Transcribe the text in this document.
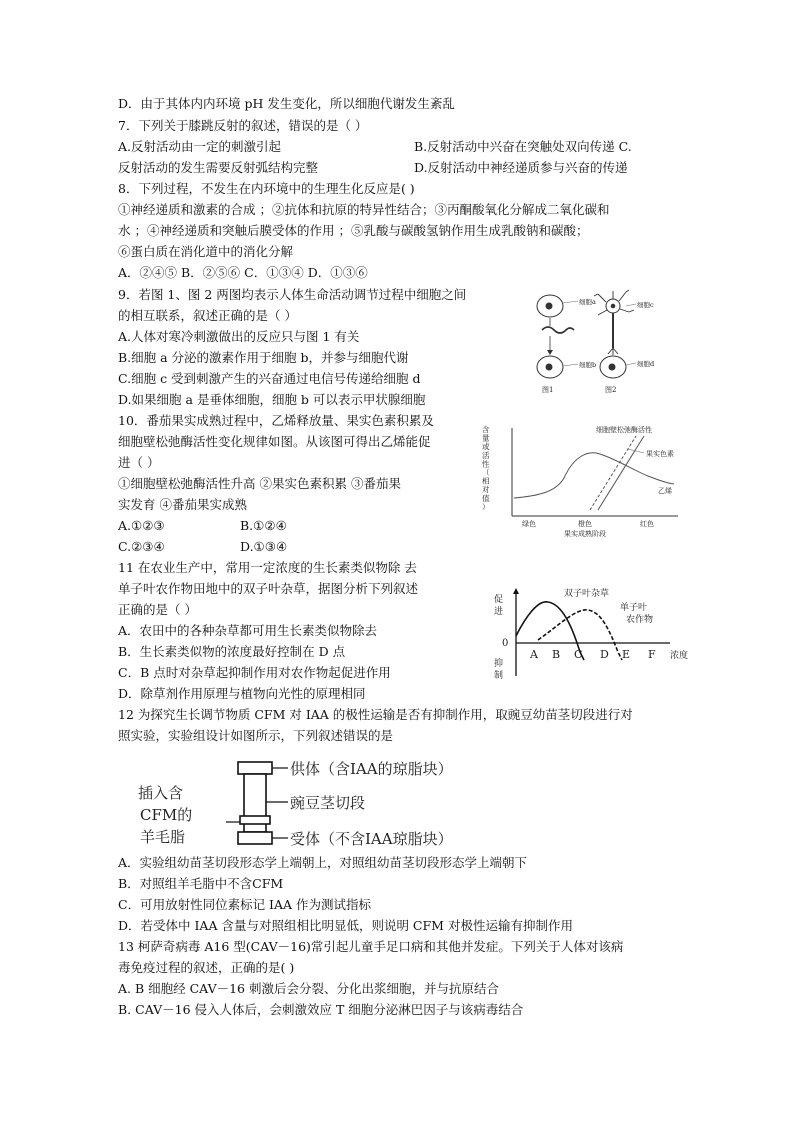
D．由于其体内内环境 pH 发生变化，所以细胞代谢发生紊乱
7．下列关于膝跳反射的叙述，错误的是（ ）
A.反射活动由一定的刺激引起	B.反射活动中兴奋在突触处双向传递 C.
反射活动的发生需要反射弧结构完整	D.反射活动中神经递质参与兴奋的传递
8．下列过程，不发生在内环境中的生理生化反应是( )
①神经递质和激素的合成 ；②抗体和抗原的特异性结合；③丙酮酸氧化分解成二氧化碳和
水 ；④神经递质和突触后膜受体的作用 ；⑤乳酸与碳酸氢钠作用生成乳酸钠和碳酸；
⑥蛋白质在消化道中的消化分解
A．②④⑤ B．②⑤⑥ C．①③④ D．①③⑥
9．若图 1、图 2 两图均表示人体生命活动调节过程中细胞之间
的相互联系，叙述正确的是（ ）
A.人体对寒冷刺激做出的反应只与图 1 有关
B.细胞 a 分泌的激素作用于细胞 b，并参与细胞代谢
C.细胞 c 受到刺激产生的兴奋通过电信号传递给细胞 d
D.如果细胞 a 是垂体细胞，细胞 b 可以表示甲状腺细胞
10．番茄果实成熟过程中，乙烯释放量、果实色素积累及
细胞壁松弛酶活性变化规律如图。从该图可得出乙烯能促
进（ ）
①细胞壁松弛酶活性升高 ②果实色素积累 ③番茄果
实发育 ④番茄果实成熟
A.①②③	B.①②④
C.②③④	D.①③④
11 在农业生产中，常用一定浓度的生长素类似物除 去
单子叶农作物田地中的双子叶杂草，据图分析下列叙述
正确的是（ ）
A．农田中的各种杂草都可用生长素类似物除去
B．生长素类似物的浓度最好控制在 D 点
C．B 点时对杂草起抑制作用对农作物起促进作用
D．除草剂作用原理与植物向光性的原理相同
12 为探究生长调节物质 CFM 对 IAA 的极性运输是否有抑制作用，取豌豆幼苗茎切段进行对
照实验，实验组设计如图所示，下列叙述错误的是
A．实验组幼苗茎切段形态学上端朝上，对照组幼苗茎切段形态学上端朝下
B．对照组羊毛脂中不含CFM
C．可用放射性同位素标记 IAA 作为测试指标
D．若受体中 IAA 含量与对照组相比明显低，则说明 CFM 对极性运输有抑制作用
13 柯萨奇病毒 A16 型(CAV－16)常引起儿童手足口病和其他并发症。下列关于人体对该病
毒免疫过程的叙述，正确的是( )
A. B 细胞经 CAV－16 刺激后会分裂、分化出浆细胞，并与抗原结合
B. CAV－16 侵入人体后，会刺激效应 T 细胞分泌淋巴因子与该病毒结合
细胞a
细胞b
图1
细胞c
细胞d
图2
含
量
或
活
性
（
相
对
值
）
细胞壁松弛酶活性
果实色素
乙烯
绿色	橙色	红色
果实成熟阶段
促
进
抑
制
0
双子叶杂草
单子叶
农作物
A B C D E F 浓度
插入含
CFM的
羊毛脂
供体（含IAA的琼脂块）
豌豆茎切段
受体（不含IAA琼脂块）
